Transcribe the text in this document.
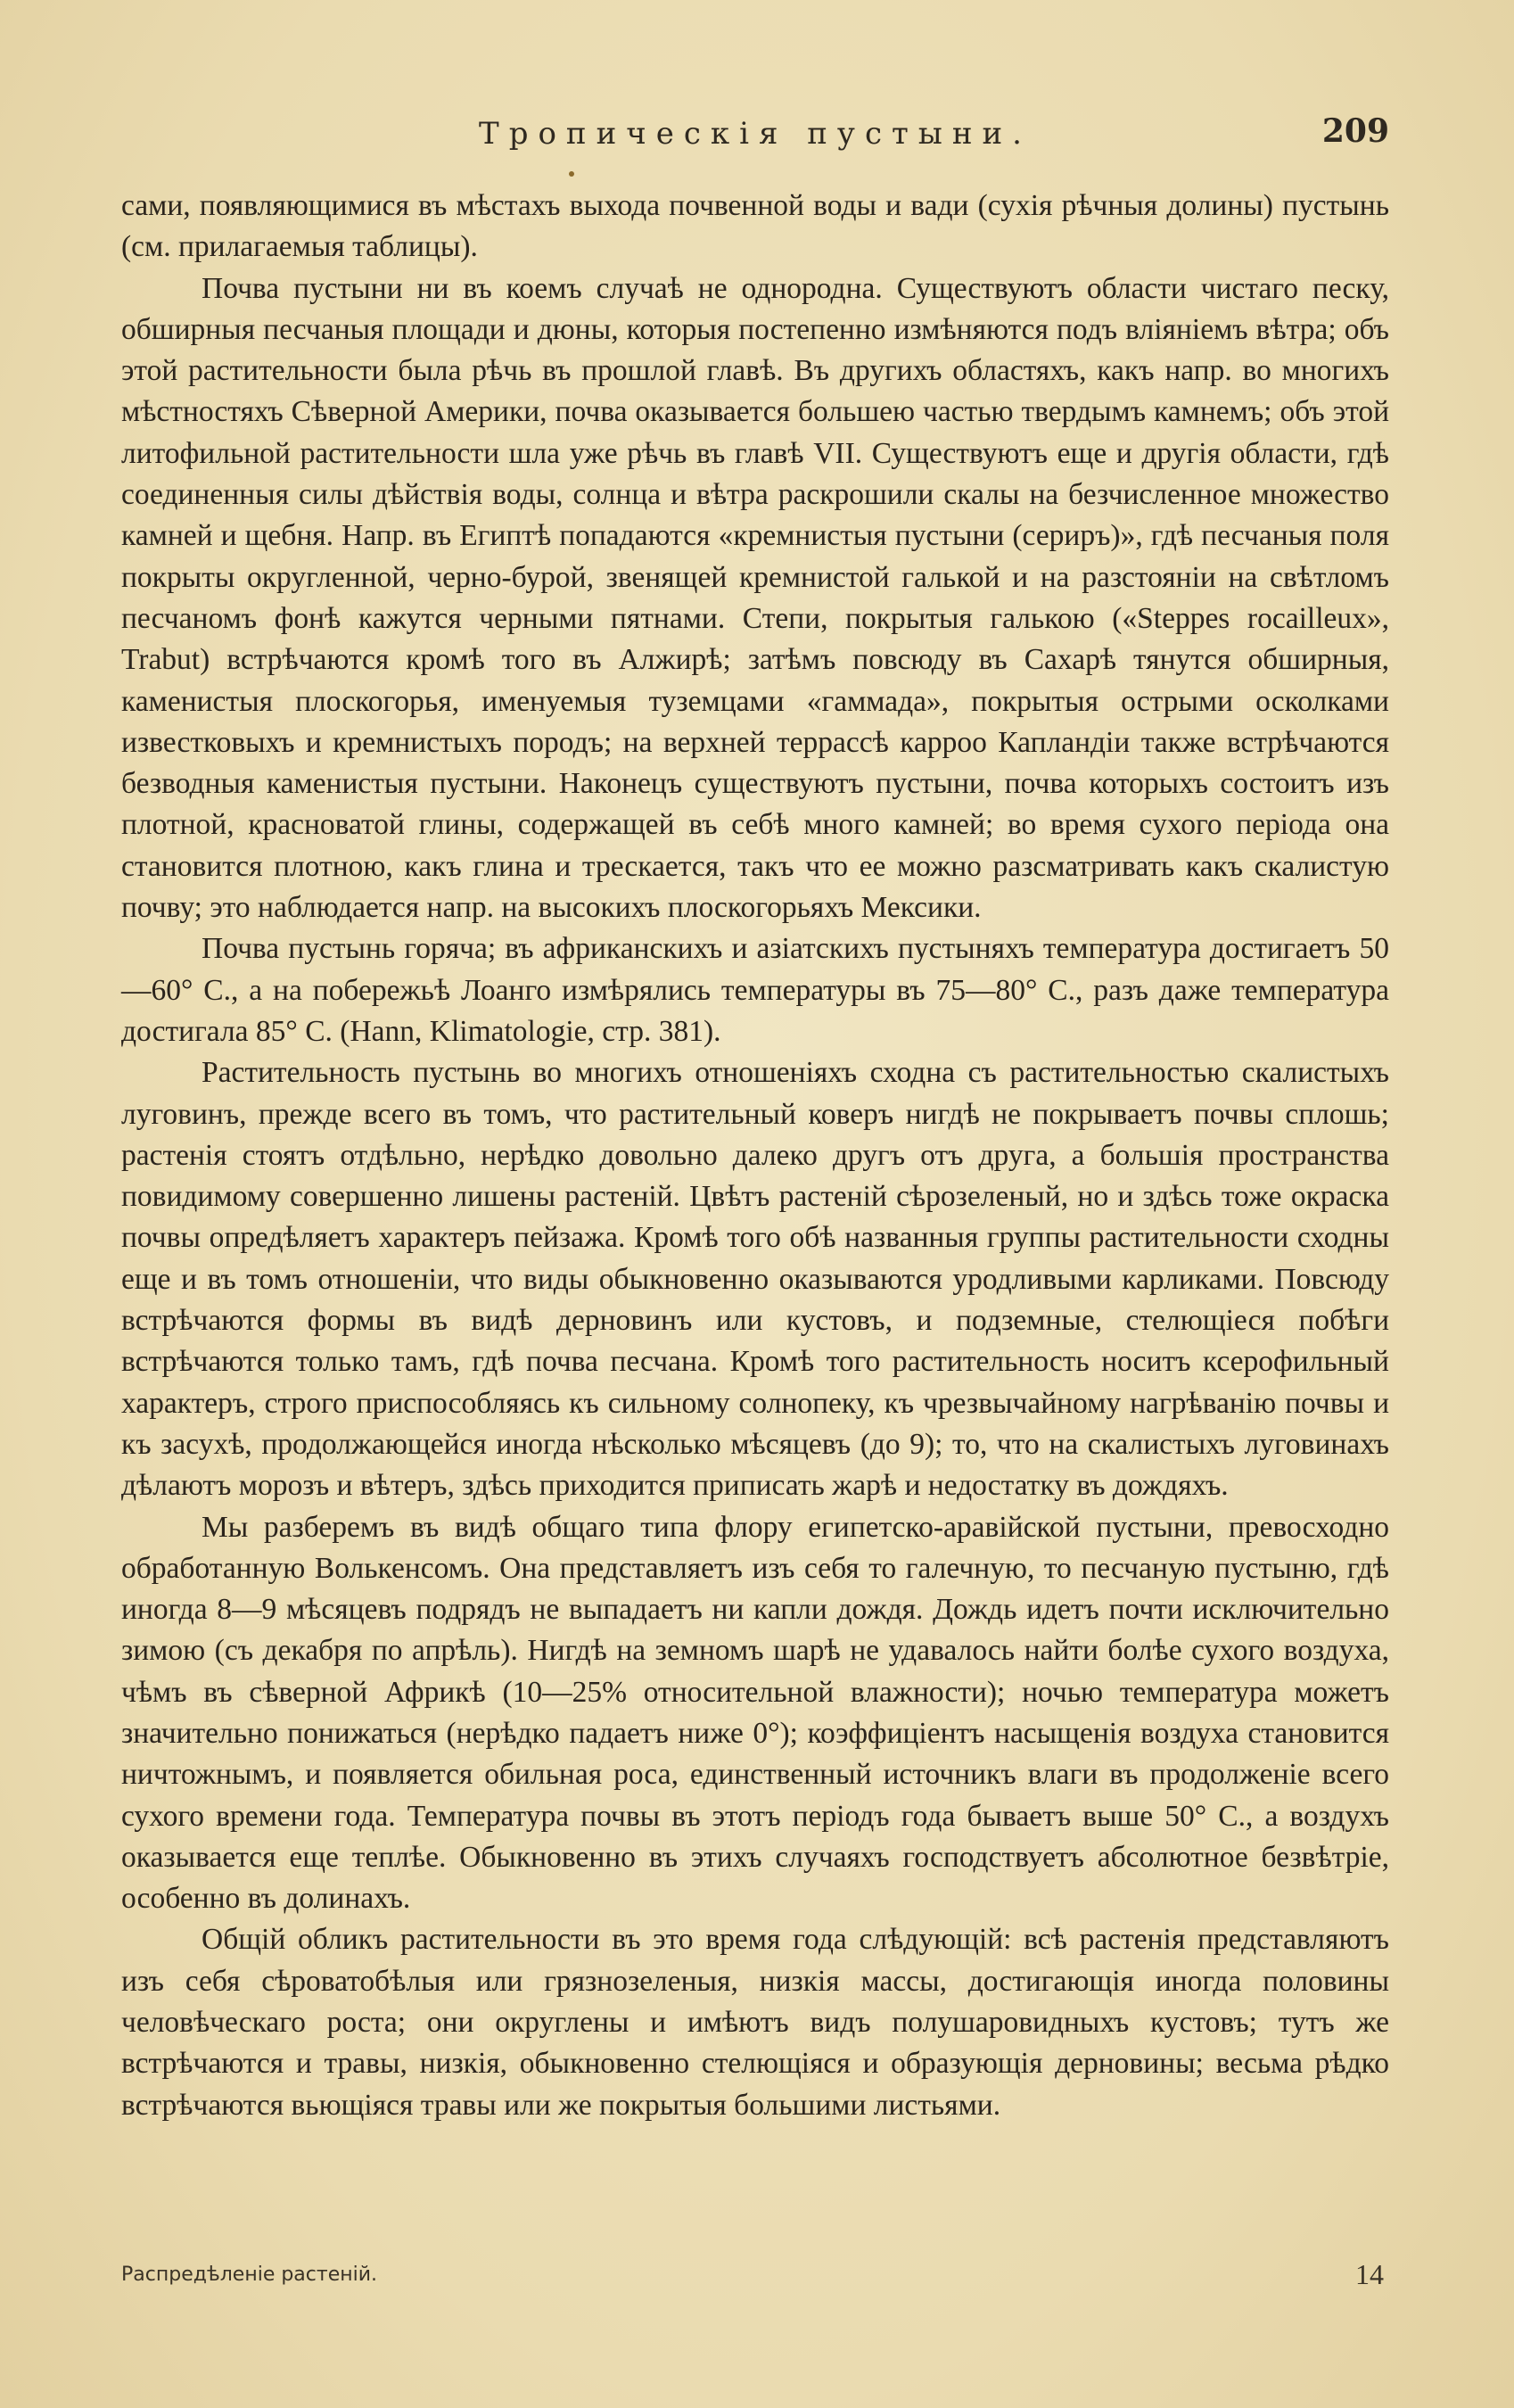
Тропическія пустыни.	209

сами, появляющимися въ мѣстахъ выхода почвенной воды и вади (сухія рѣчныя долины) пустынь (см. прилагаемыя таблицы).

Почва пустыни ни въ коемъ случаѣ не однородна. Существуютъ области чистаго песку, обширныя песчаныя площади и дюны, которыя постепенно измѣняются подъ вліяніемъ вѣтра; объ этой растительности была рѣчь въ прошлой главѣ. Въ другихъ областяхъ, какъ напр. во многихъ мѣстностяхъ Сѣверной Америки, почва оказывается большею частью твердымъ камнемъ; объ этой литофильной растительности шла уже рѣчь въ главѣ VII. Существуютъ еще и другія области, гдѣ соединенныя силы дѣйствія воды, солнца и вѣтра раскрошили скалы на безчисленное множество камней и щебня. Напр. въ Египтѣ попадаются «кремнистыя пустыни (сериръ)», гдѣ песчаныя поля покрыты округленной, черно-бурой, звенящей кремнистой галькой и на разстояніи на свѣтломъ песчаномъ фонѣ кажутся черными пятнами. Степи, покрытыя галькою («Steppes rocailleux», Trabut) встрѣчаются кромѣ того въ Алжирѣ; затѣмъ повсюду въ Сахарѣ тянутся обширныя, каменистыя плоскогорья, именуемыя туземцами «гаммада», покрытыя острыми осколками известковыхъ и кремнистыхъ породъ; на верхней террассѣ карроо Капландіи также встрѣчаются безводныя каменистыя пустыни. Наконецъ существуютъ пустыни, почва которыхъ состоитъ изъ плотной, красноватой глины, содержащей въ себѣ много камней; во время сухого періода она становится плотною, какъ глина и трескается, такъ что ее можно разсматривать какъ скалистую почву; это наблюдается напр. на высокихъ плоскогорьяхъ Мексики.

Почва пустынь горяча; въ африканскихъ и азіатскихъ пустыняхъ температура достигаетъ 50—60° С., а на побережьѣ Лоанго измѣрялись температуры въ 75—80° С., разъ даже температура достигала 85° С. (Hann, Klimatologie, стр. 381).

Растительность пустынь во многихъ отношеніяхъ сходна съ растительностью скалистыхъ луговинъ, прежде всего въ томъ, что растительный коверъ нигдѣ не покрываетъ почвы сплошь; растенія стоятъ отдѣльно, нерѣдко довольно далеко другъ отъ друга, а большія пространства повидимому совершенно лишены растеній. Цвѣтъ растеній сѣрозеленый, но и здѣсь тоже окраска почвы опредѣляетъ характеръ пейзажа. Кромѣ того обѣ названныя группы растительности сходны еще и въ томъ отношеніи, что виды обыкновенно оказываются уродливыми карликами. Повсюду встрѣчаются формы въ видѣ дерновинъ или кустовъ, и подземные, стелющіеся побѣги встрѣчаются только тамъ, гдѣ почва песчана. Кромѣ того растительность носитъ ксерофильный характеръ, строго приспособляясь къ сильному солнопеку, къ чрезвычайному нагрѣванію почвы и къ засухѣ, продолжающейся иногда нѣсколько мѣсяцевъ (до 9); то, что на скалистыхъ луговинахъ дѣлаютъ морозъ и вѣтеръ, здѣсь приходится приписать жарѣ и недостатку въ дождяхъ.

Мы разберемъ въ видѣ общаго типа флору египетско-аравійской пустыни, превосходно обработанную Волькенсомъ. Она представляетъ изъ себя то галечную, то песчаную пустыню, гдѣ иногда 8—9 мѣсяцевъ подрядъ не выпадаетъ ни капли дождя. Дождь идетъ почти исключительно зимою (съ декабря по апрѣль). Нигдѣ на земномъ шарѣ не удавалось найти болѣе сухого воздуха, чѣмъ въ сѣверной Африкѣ (10—25% относительной влажности); ночью температура можетъ значительно понижаться (нерѣдко падаетъ ниже 0°); коэффиціентъ насыщенія воздуха становится ничтожнымъ, и появляется обильная роса, единственный источникъ влаги въ продолженіе всего сухого времени года. Температура почвы въ этотъ періодъ года бываетъ выше 50° С., а воздухъ оказывается еще теплѣе. Обыкновенно въ этихъ случаяхъ господствуетъ абсолютное безвѣтріе, особенно въ долинахъ.

Общій обликъ растительности въ это время года слѣдующій: всѣ растенія представляютъ изъ себя сѣроватобѣлыя или грязнозеленыя, низкія массы, достигающія иногда половины человѣческаго роста; они округлены и имѣютъ видъ полушаровидныхъ кустовъ; тутъ же встрѣчаются и травы, низкія, обыкновенно стелющіяся и образующія дерновины; весьма рѣдко встрѣчаются вьющіяся травы или же покрытыя большими листьями.

Распредѣленіе растеній.	14
